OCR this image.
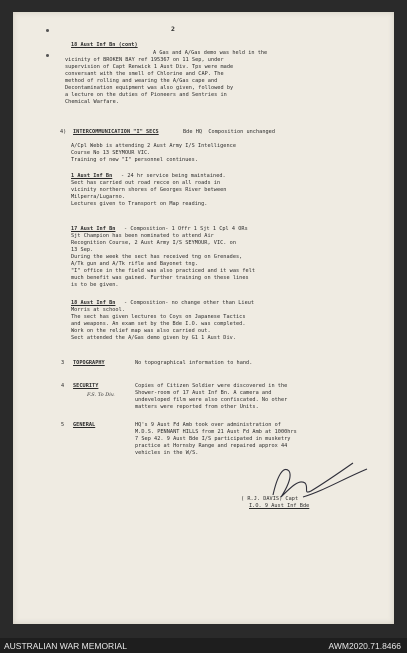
2
18 Aust Inf Bn (cont)
A Gas and A/Gas demo was held in the
vicinity of BROKEN BAY ref 195367 on 11 Sep, under
supervision of Capt Renwick 1 Aust Div. Tps were made
conversant with the smell of Chlorine and CAP. The
method of rolling and wearing the A/Gas cape and
Decontamination equipment was also given, followed by
a lecture on the duties of Pioneers and Sentries in
Chemical Warfare.
4) INTERCOMMUNICATION "I" SECS	Bde HQ  Composition unchanged
A/Cpl Webb is attending 2 Aust Army I/S Intelligence
Course No 13 SEYMOUR VIC.
Training of new "I" personnel continues.
1 Aust Inf Bn - 24 hr service being maintained.
Sect has carried out road recce on all roads in
vicinity northern shores of Georges River between
Milperra/Lugarno.
Lectures given to Transport on Map reading.
17 Aust Inf Bn - Composition- 1 Offr 1 Sjt 1 Cpl 4 ORs
Sjt Champion has been nominated to attend Air
Recognition Course, 2 Aust Army I/S SEYMOUR, VIC. on
13 Sep.
During the week the sect has received tng on Grenades,
A/Tk gun and A/Tk rifle and Bayonet tng.
"I" office in the field was also practiced and it was felt
much benefit was gained. Further training on these lines
is to be given.
18 Aust Inf Bn - Composition- no change other than Lieut
Morris at school.
The sect has given lectures to Coys on Japanese Tactics
and weapons. An exam set by the Bde I.O. was completed.
Work on the relief map was also carried out.
Sect attended the A/Gas demo given by G1 1 Aust Div.
3 TOPOGRAPHY	No topographical information to hand.
4 SECURITY
F.S. To Div.
Copies of Citizen Soldier were discovered in the
Shower-room of 17 Aust Inf Bn. A camera and
undeveloped film were also confiscated. No other
matters were reported from other Units.
5 GENERAL	HQ's 9 Aust Fd Amb took over administration of
M.D.S. PENNANT HILLS from 21 Aust Fd Amb at 1000hrs
7 Sep 42. 9 Aust Bde I/S participated in musketry
practice at Hornsby Range and repaired approx 44
vehicles in the W/S.
( R.J. DAVIS) Capt
I.O. 9 Aust Inf Bde
AUSTRALIAN WAR MEMORIAL	AWM2020.71.8466
